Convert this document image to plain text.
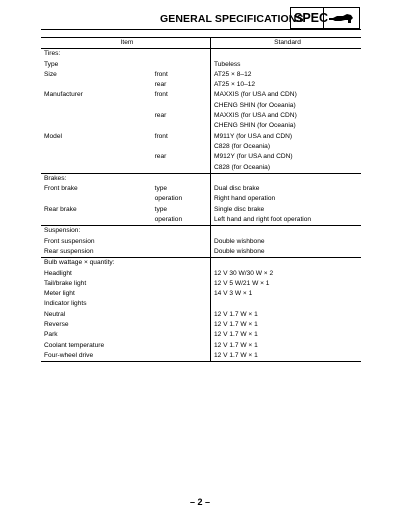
GENERAL SPECIFICATIONS
SPEC
Item		Standard
Tires:		
Type		Tubeless
Size	front	AT25 × 8–12
	rear	AT25 × 10–12
Manufacturer	front	MAXXIS (for USA and CDN)
		CHENG SHIN (for Oceania)
	rear	MAXXIS (for USA and CDN)
		CHENG SHIN (for Oceania)
Model	front	M911Y (for USA and CDN)
		C828 (for Oceania)
	rear	M912Y (for USA and CDN)
		C828 (for Oceania)
Brakes:		
Front brake	type	Dual disc brake
	operation	Right hand operation
Rear brake	type	Single disc brake
	operation	Left hand and right foot operation
Suspension:		
Front suspension		Double wishbone
Rear suspension		Double wishbone
Bulb wattage × quantity:		
Headlight		12 V 30 W/30 W × 2
Tail/brake light		12 V 5 W/21 W × 1
Meter light		14 V 3 W × 1
Indicator lights		
Neutral		12 V 1.7 W × 1
Reverse		12 V 1.7 W × 1
Park		12 V 1.7 W × 1
Coolant temperature		12 V 1.7 W × 1
Four-wheel drive		12 V 1.7 W × 1
– 2 –
